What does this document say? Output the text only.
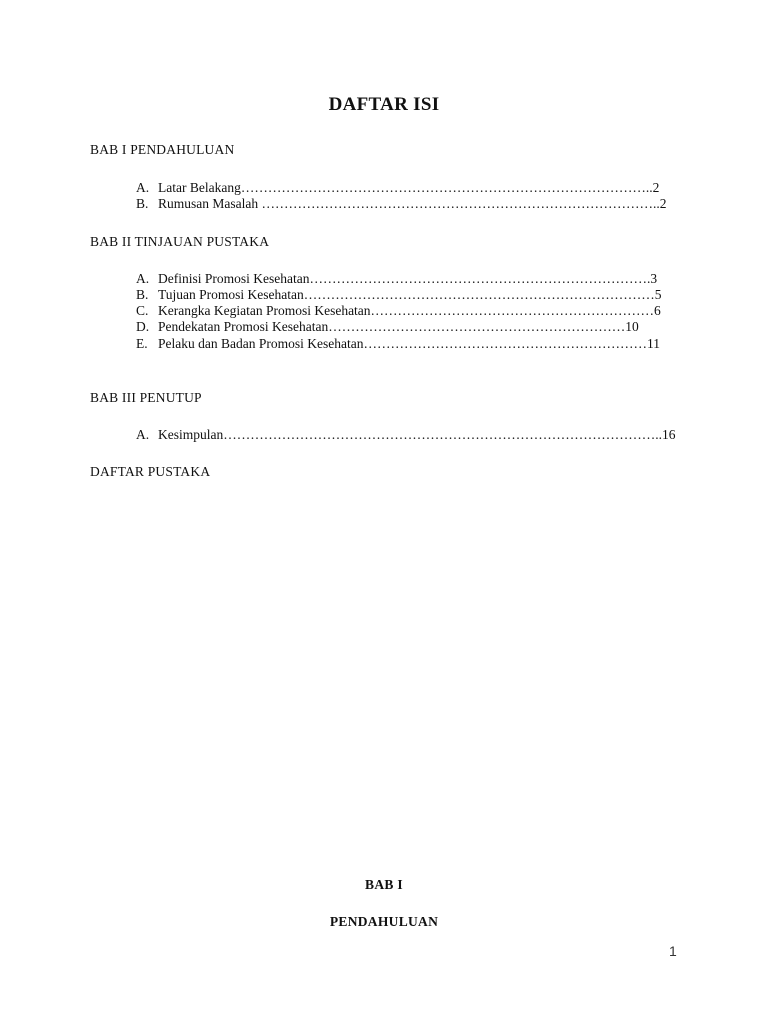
DAFTAR ISI
BAB I PENDAHULUAN
A. Latar Belakang………………………………………………………………………………..2
B. Rumusan Masalah ……………………………………………………………………………..2
BAB II TINJAUAN PUSTAKA
A. Definisi Promosi Kesehatan………………………………………………………………….3
B. Tujuan Promosi Kesehatan……………………………………………………………………5
C. Kerangka Kegiatan Promosi Kesehatan………………………………………………………6
D. Pendekatan Promosi Kesehatan…………………………………………………………10
E. Pelaku dan Badan Promosi Kesehatan………………………………………………………11
BAB III PENUTUP
A. Kesimpulan……………………………………………………………………………………..16
DAFTAR PUSTAKA
BAB I
PENDAHULUAN
1
